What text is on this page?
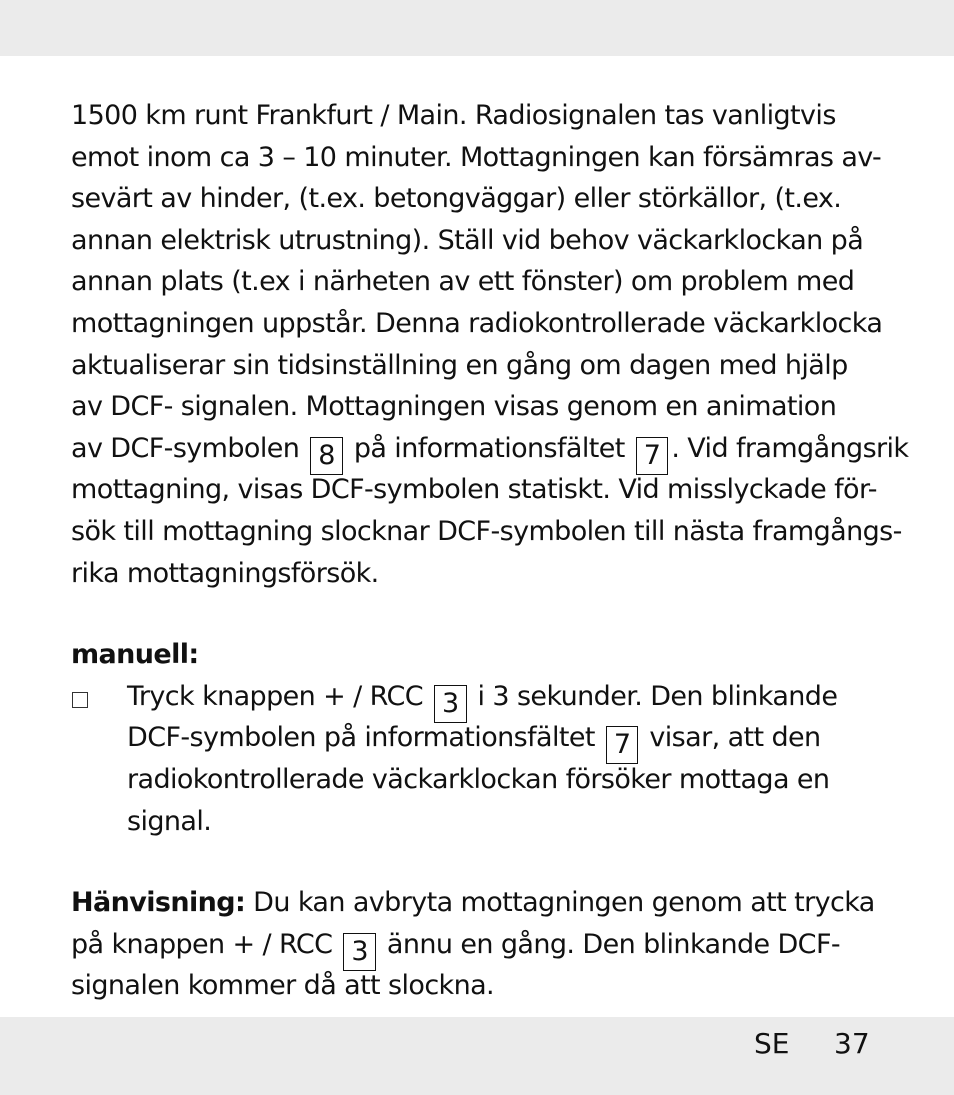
1500 km runt Frankfurt / Main. Radiosignalen tas vanligtvis
emot inom ca 3 – 10 minuter. Mottagningen kan försämras av-
sevärt av hinder, (t.ex. betongväggar) eller störkällor, (t.ex.
annan elektrisk utrustning). Ställ vid behov väckarklockan på
annan plats (t.ex i närheten av ett fönster) om problem med
mottagningen uppstår. Denna radiokontrollerade väckarklocka
aktualiserar sin tidsinställning en gång om dagen med hjälp
av DCF- signalen. Mottagningen visas genom en animation
av DCF-symbolen 8 på informationsfältet 7 . Vid framgångsrik
mottagning, visas DCF-symbolen statiskt. Vid misslyckade för-
sök till mottagning slocknar DCF-symbolen till nästa framgångs-
rika mottagningsförsök.
manuell:
Tryck knappen + / RCC 3 i 3 sekunder. Den blinkande
DCF-symbolen på informationsfältet 7 visar, att den
radiokontrollerade väckarklockan försöker mottaga en
signal.
Hänvisning: Du kan avbryta mottagningen genom att trycka
på knappen + / RCC 3 ännu en gång. Den blinkande DCF-
signalen kommer då att slockna.
SE 37
